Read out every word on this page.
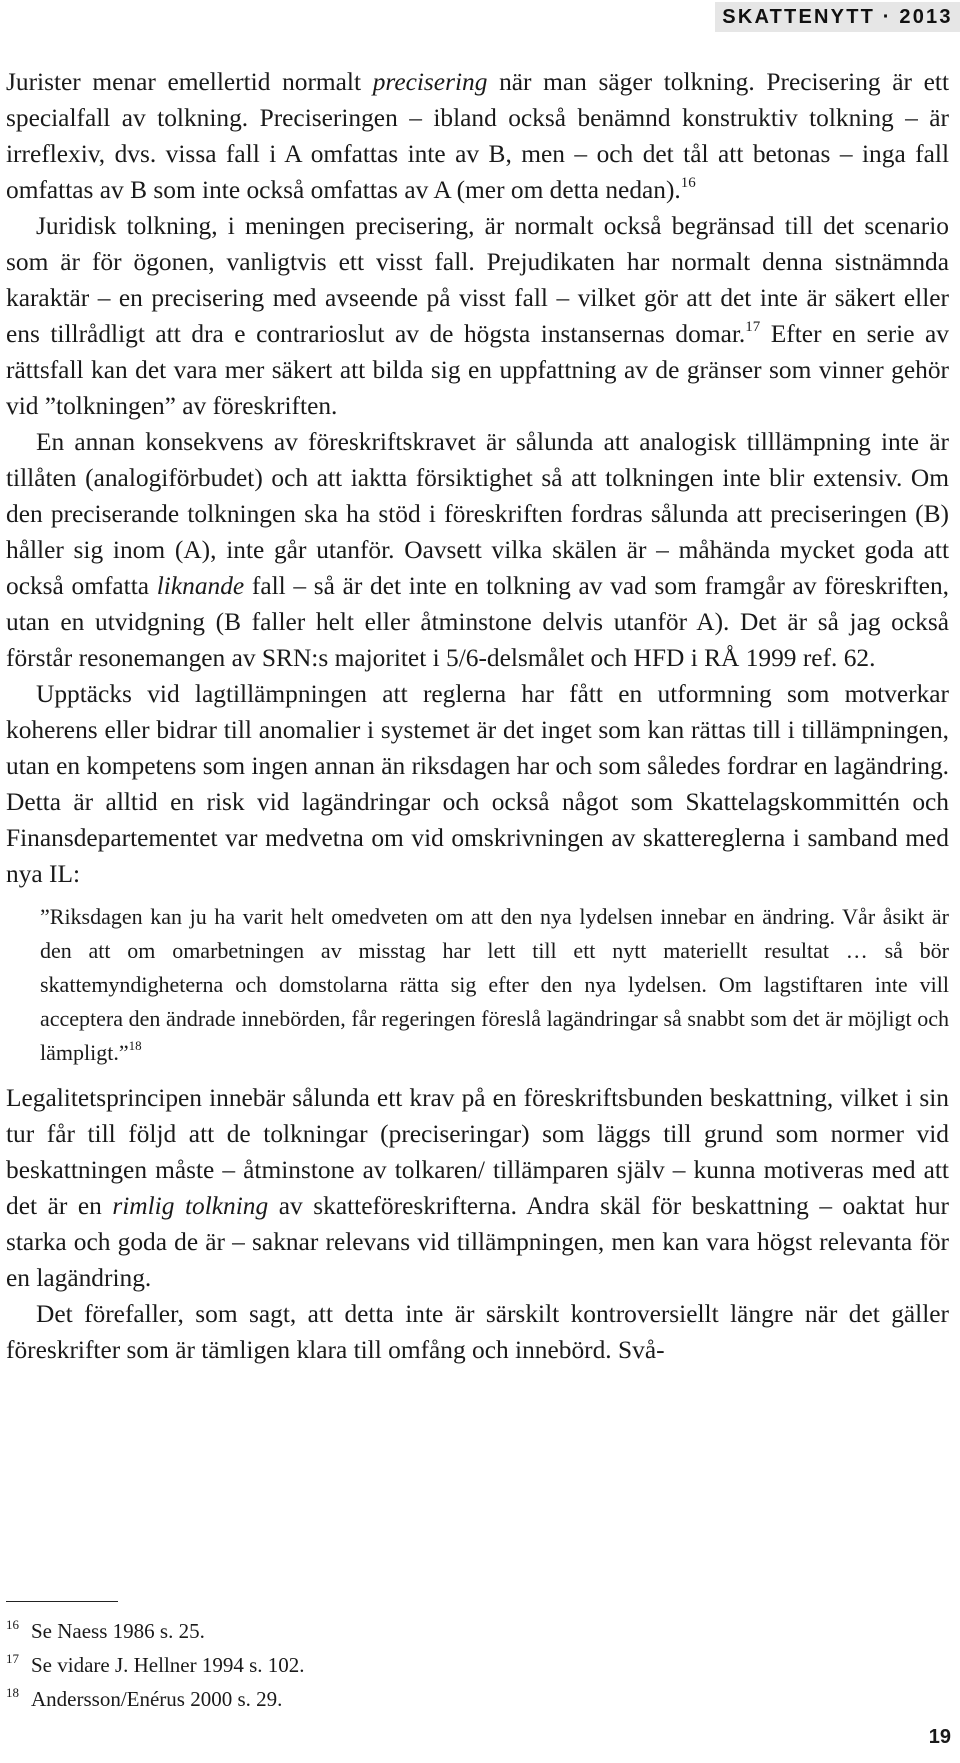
SKATTENYTT · 2013

Jurister menar emellertid normalt precisering när man säger tolkning. Precisering är ett specialfall av tolkning. Preciseringen – ibland också benämnd konstruktiv tolkning – är irreflexiv, dvs. vissa fall i A omfattas inte av B, men – och det tål att betonas – inga fall omfattas av B som inte också omfattas av A (mer om detta nedan).$^{16}$

Juridisk tolkning, i meningen precisering, är normalt också begränsad till det scenario som är för ögonen, vanligtvis ett visst fall. Prejudikaten har normalt denna sistnämnda karaktär – en precisering med avseende på visst fall – vilket gör att det inte är säkert eller ens tillrådligt att dra e contrarioslut av de högsta instansernas domar.$^{17}$ Efter en serie av rättsfall kan det vara mer säkert att bilda sig en uppfattning av de gränser som vinner gehör vid ”tolkningen” av föreskriften.

En annan konsekvens av föreskriftskravet är sålunda att analogisk tilllämpning inte är tillåten (analogiförbudet) och att iaktta försiktighet så att tolkningen inte blir extensiv. Om den preciserande tolkningen ska ha stöd i föreskriften fordras sålunda att preciseringen (B) håller sig inom (A), inte går utanför. Oavsett vilka skälen är – måhända mycket goda att också omfatta liknande fall – så är det inte en tolkning av vad som framgår av föreskriften, utan en utvidgning (B faller helt eller åtminstone delvis utanför A). Det är så jag också förstår resonemangen av SRN:s majoritet i 5/6-delsmålet och HFD i RÅ 1999 ref. 62.

Upptäcks vid lagtillämpningen att reglerna har fått en utformning som motverkar koherens eller bidrar till anomalier i systemet är det inget som kan rättas till i tillämpningen, utan en kompetens som ingen annan än riksdagen har och som således fordrar en lagändring. Detta är alltid en risk vid lagändringar och också något som Skattelagskommittén och Finansdepartementet var medvetna om vid omskrivningen av skattereglerna i samband med nya IL:

”Riksdagen kan ju ha varit helt omedveten om att den nya lydelsen innebar en ändring. Vår åsikt är den att om omarbetningen av misstag har lett till ett nytt materiellt resultat … så bör skattemyndigheterna och domstolarna rätta sig efter den nya lydelsen. Om lagstiftaren inte vill acceptera den ändrade innebörden, får regeringen föreslå lagändringar så snabbt som det är möjligt och lämpligt.”$^{18}$

Legalitetsprincipen innebär sålunda ett krav på en föreskriftsbunden beskattning, vilket i sin tur får till följd att de tolkningar (preciseringar) som läggs till grund som normer vid beskattningen måste – åtminstone av tolkaren/ tillämparen själv – kunna motiveras med att det är en rimlig tolkning av skatteföreskrifterna. Andra skäl för beskattning – oaktat hur starka och goda de är – saknar relevans vid tillämpningen, men kan vara högst relevanta för en lagändring.

Det förefaller, som sagt, att detta inte är särskilt kontroversiellt längre när det gäller föreskrifter som är tämligen klara till omfång och innebörd. Svå-

16 Se Naess 1986 s. 25.
17 Se vidare J. Hellner 1994 s. 102.
18 Andersson/Enérus 2000 s. 29.
19
